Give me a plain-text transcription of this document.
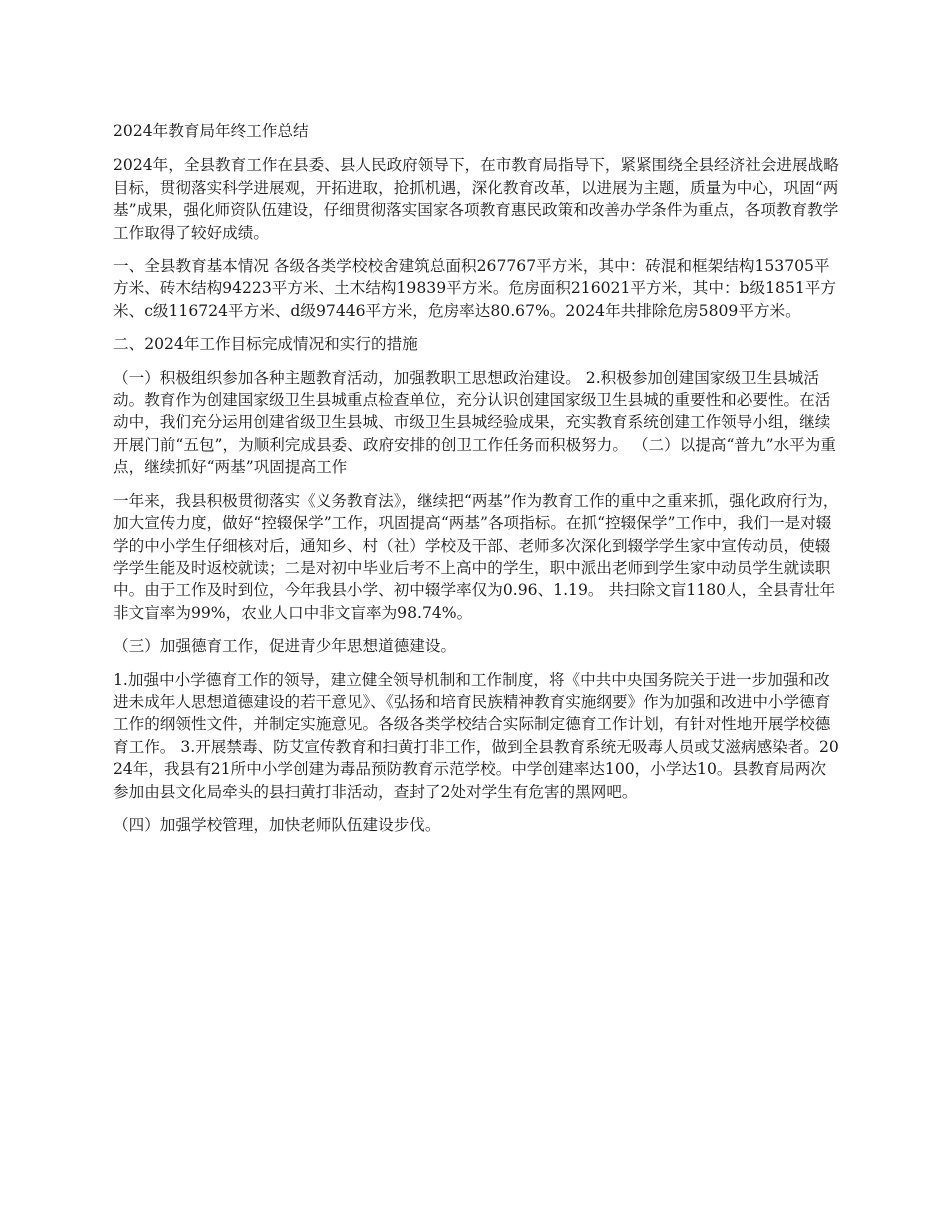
2024年教育局年终工作总结

2024年，全县教育工作在县委、县人民政府领导下，在市教育局指导下，紧紧围绕全县经济社会进展战略目标，贯彻落实科学进展观，开拓进取，抢抓机遇，深化教育改革，以进展为主题，质量为中心，巩固“两基”成果，强化师资队伍建设，仔细贯彻落实国家各项教育惠民政策和改善办学条件为重点，各项教育教学工作取得了较好成绩。

一、全县教育基本情况 各级各类学校校舍建筑总面积267767平方米，其中：砖混和框架结构153705平方米、砖木结构94223平方米、土木结构19839平方米。危房面积216021平方米，其中：b级1851平方米、c级116724平方米、d级97446平方米，危房率达80.67%。2024年共排除危房5809平方米。

二、2024年工作目标完成情况和实行的措施

（一）积极组织参加各种主题教育活动，加强教职工思想政治建设。 2.积极参加创建国家级卫生县城活动。教育作为创建国家级卫生县城重点检查单位，充分认识创建国家级卫生县城的重要性和必要性。在活动中，我们充分运用创建省级卫生县城、市级卫生县城经验成果，充实教育系统创建工作领导小组，继续开展门前“五包”，为顺利完成县委、政府安排的创卫工作任务而积极努力。 （二）以提高“普九”水平为重点，继续抓好“两基”巩固提高工作

一年来，我县积极贯彻落实《义务教育法》，继续把“两基”作为教育工作的重中之重来抓，强化政府行为，加大宣传力度，做好“控辍保学”工作，巩固提高“两基”各项指标。在抓“控辍保学”工作中，我们一是对辍学的中小学生仔细核对后，通知乡、村（社）学校及干部、老师多次深化到辍学学生家中宣传动员，使辍学学生能及时返校就读；二是对初中毕业后考不上高中的学生，职中派出老师到学生家中动员学生就读职中。由于工作及时到位，今年我县小学、初中辍学率仅为0.96、1.19。 共扫除文盲1180人，全县青壮年非文盲率为99%，农业人口中非文盲率为98.74%。

（三）加强德育工作，促进青少年思想道德建设。

1.加强中小学德育工作的领导，建立健全领导机制和工作制度，将《中共中央国务院关于进一步加强和改进未成年人思想道德建设的若干意见》、《弘扬和培育民族精神教育实施纲要》作为加强和改进中小学德育工作的纲领性文件，并制定实施意见。各级各类学校结合实际制定德育工作计划，有针对性地开展学校德育工作。 3.开展禁毒、防艾宣传教育和扫黄打非工作，做到全县教育系统无吸毒人员或艾滋病感染者。2024年，我县有21所中小学创建为毒品预防教育示范学校。中学创建率达100，小学达10。县教育局两次参加由县文化局牵头的县扫黄打非活动，查封了2处对学生有危害的黑网吧。

（四）加强学校管理，加快老师队伍建设步伐。
